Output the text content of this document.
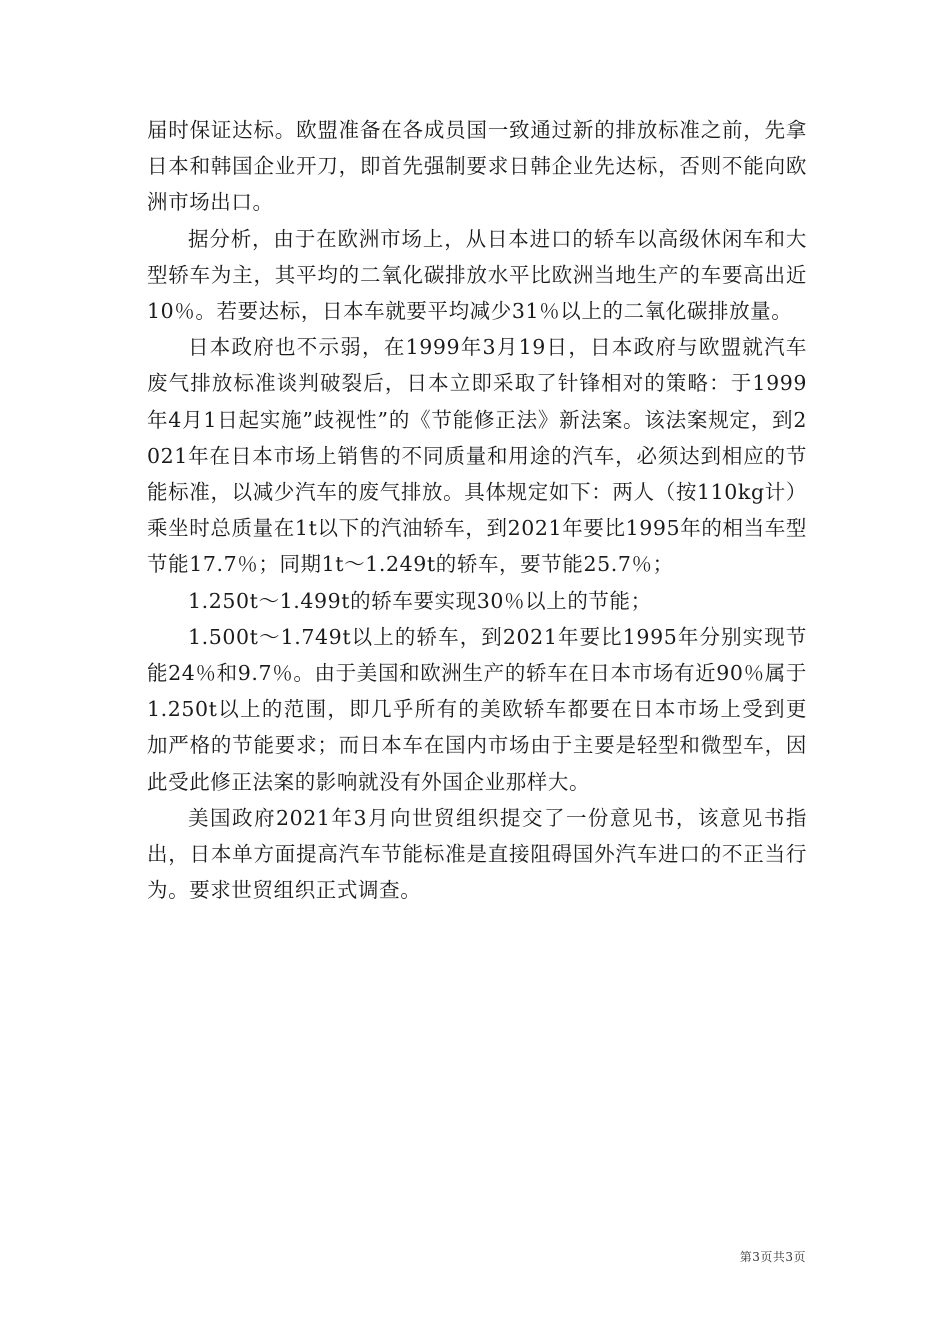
届时保证达标。欧盟准备在各成员国一致通过新的排放标准之前，先拿日本和韩国企业开刀，即首先强制要求日韩企业先达标，否则不能向欧洲市场出口。

据分析，由于在欧洲市场上，从日本进口的轿车以高级休闲车和大型轿车为主，其平均的二氧化碳排放水平比欧洲当地生产的车要高出近10％。若要达标，日本车就要平均减少31％以上的二氧化碳排放量。

日本政府也不示弱，在1999年3月19日，日本政府与欧盟就汽车废气排放标准谈判破裂后，日本立即采取了针锋相对的策略：于1999年4月1日起实施”歧视性”的《节能修正法》新法案。该法案规定，到2021年在日本市场上销售的不同质量和用途的汽车，必须达到相应的节能标准，以减少汽车的废气排放。具体规定如下：两人（按110kg计）乘坐时总质量在1t以下的汽油轿车，到2021年要比1995年的相当车型节能17.7％；同期1t～1.249t的轿车，要节能25.7％；

1.250t～1.499t的轿车要实现30％以上的节能；

1.500t～1.749t以上的轿车，到2021年要比1995年分别实现节能24％和9.7％。由于美国和欧洲生产的轿车在日本市场有近90％属于1.250t以上的范围，即几乎所有的美欧轿车都要在日本市场上受到更加严格的节能要求；而日本车在国内市场由于主要是轻型和微型车，因此受此修正法案的影响就没有外国企业那样大。

美国政府2021年3月向世贸组织提交了一份意见书，该意见书指出，日本单方面提高汽车节能标准是直接阻碍国外汽车进口的不正当行为。要求世贸组织正式调查。

第3页共3页
